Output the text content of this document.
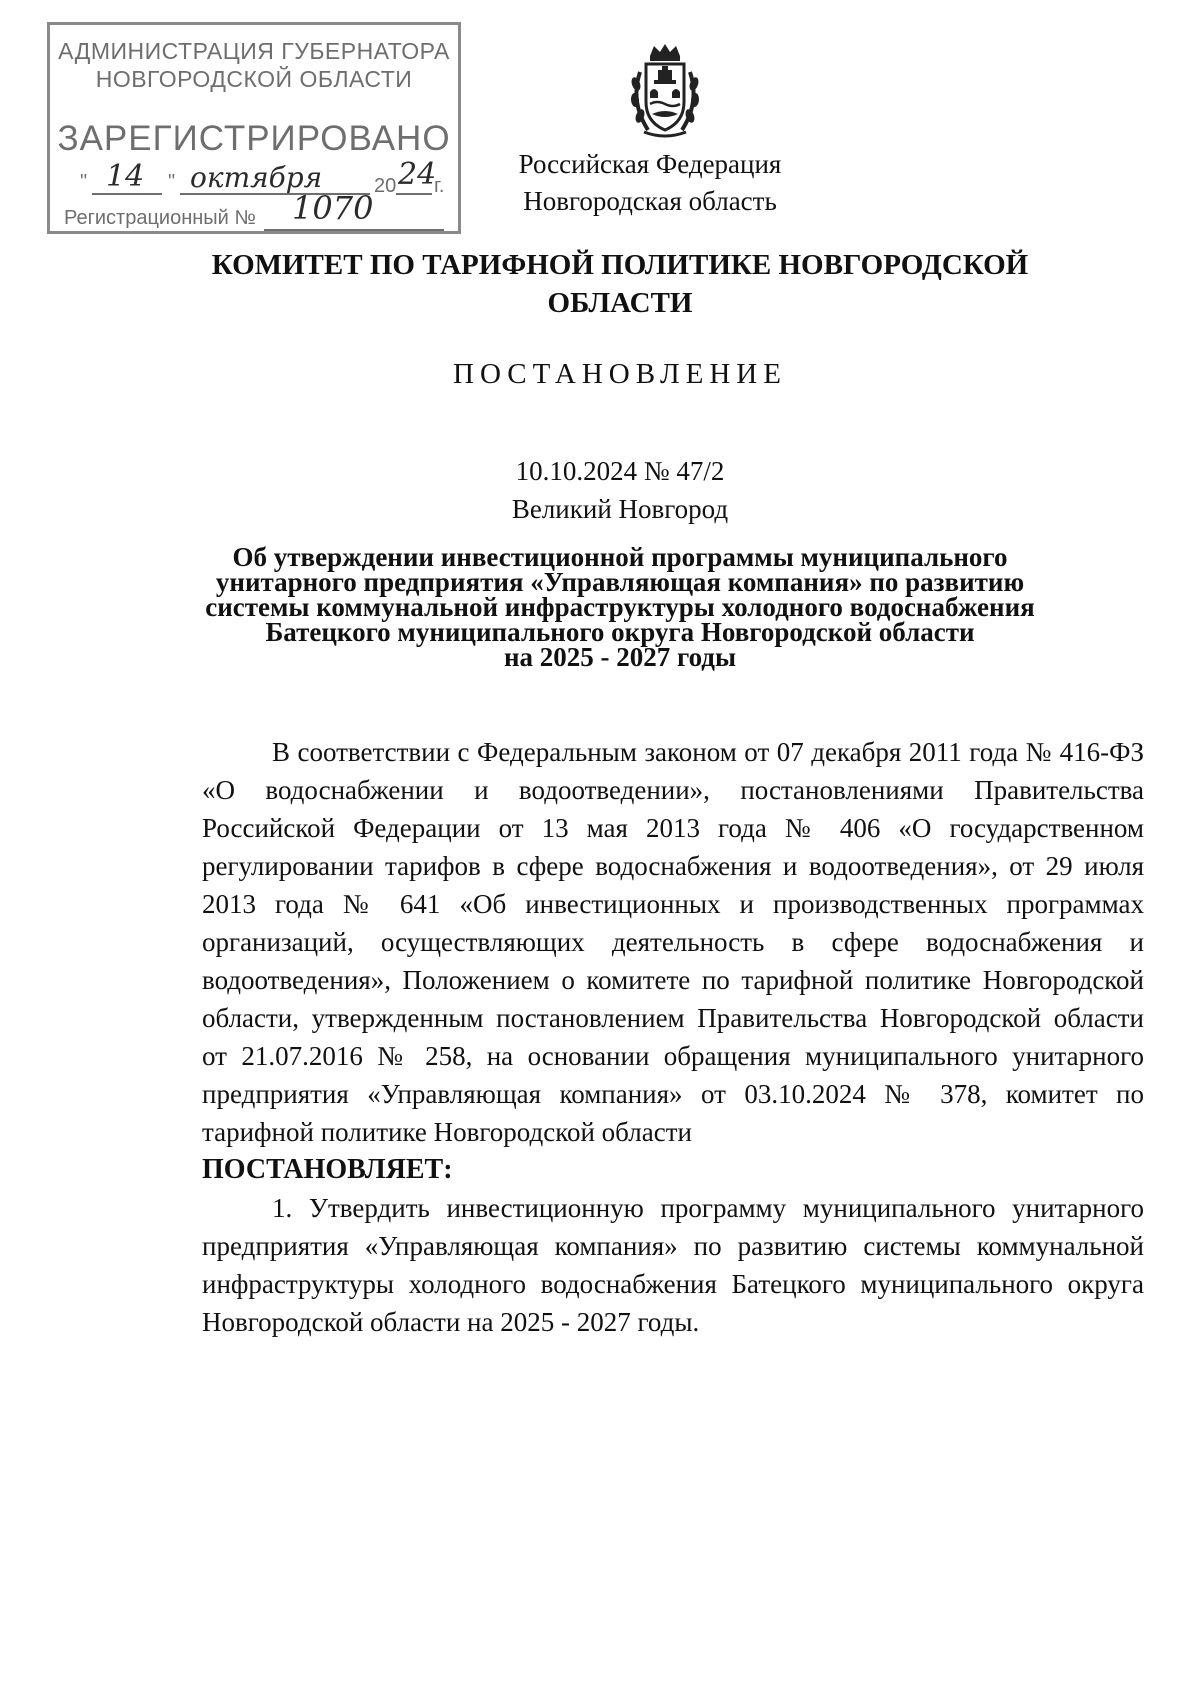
АДМИНИСТРАЦИЯ ГУБЕРНАТОРА
НОВГОРОДСКОЙ ОБЛАСТИ
ЗАРЕГИСТРИРОВАНО
" 14 " октября	20 24
г.
Регистрационный № 1070
Российская Федерация
Новгородская область
КОМИТЕТ ПО ТАРИФНОЙ ПОЛИТИКЕ НОВГОРОДСКОЙ
ОБЛАСТИ
ПОСТАНОВЛЕНИЕ
10.10.2024 № 47/2
Великий Новгород
Об утверждении инвестиционной программы муниципального
унитарного предприятия «Управляющая компания» по развитию
системы коммунальной инфраструктуры холодного водоснабжения
Батецкого муниципального округа Новгородской области
на 2025 - 2027 годы

В соответствии с Федеральным законом от 07 декабря 2011 года № 416-ФЗ «О водоснабжении и водоотведении», постановлениями Правительства Российской Федерации от 13 мая 2013 года № 406 «О государственном регулировании тарифов в сфере водоснабжения и водоотведения», от 29 июля 2013 года № 641 «Об инвестиционных и производственных программах организаций, осуществляющих деятельность в сфере водоснабжения и водоотведения», Положением о комитете по тарифной политике Новгородской области, утвержденным постановлением Правительства Новгородской области от 21.07.2016 № 258, на основании обращения муниципального унитарного предприятия «Управляющая компания» от 03.10.2024 № 378, комитет по тарифной политике Новгородской области

ПОСТАНОВЛЯЕТ:

1. Утвердить инвестиционную программу муниципального унитарного предприятия «Управляющая компания» по развитию системы коммунальной инфраструктуры холодного водоснабжения Батецкого муниципального округа Новгородской области на 2025 - 2027 годы.
